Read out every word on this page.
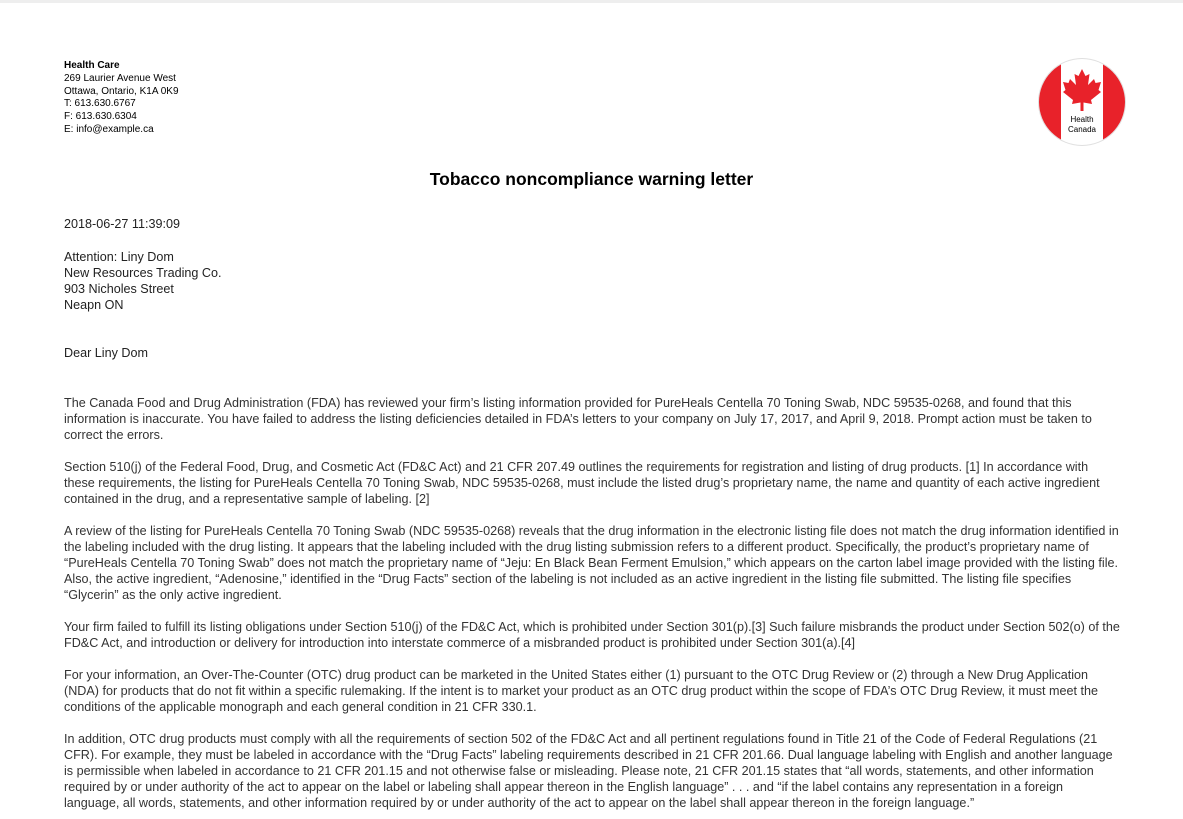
Health Care
269 Laurier Avenue West
Ottawa, Ontario, K1A 0K9
T: 613.630.6767
F: 613.630.6304
E: info@example.ca
Health
Canada
Tobacco noncompliance warning letter
2018-06-27 11:39:09
Attention: Liny Dom
New Resources Trading Co.
903 Nicholes Street
Neapn ON
Dear Liny Dom

The Canada Food and Drug Administration (FDA) has reviewed your firm’s listing information provided for PureHeals Centella 70 Toning Swab, NDC 59535-0268, and found that this information is inaccurate. You have failed to address the listing deficiencies detailed in FDA’s letters to your company on July 17, 2017, and April 9, 2018. Prompt action must be taken to correct the errors.

Section 510(j) of the Federal Food, Drug, and Cosmetic Act (FD&C Act) and 21 CFR 207.49 outlines the requirements for registration and listing of drug products. [1] In accordance with these requirements, the listing for PureHeals Centella 70 Toning Swab, NDC 59535-0268, must include the listed drug’s proprietary name, the name and quantity of each active ingredient contained in the drug, and a representative sample of labeling. [2]

A review of the listing for PureHeals Centella 70 Toning Swab (NDC 59535-0268) reveals that the drug information in the electronic listing file does not match the drug information identified in the labeling included with the drug listing. It appears that the labeling included with the drug listing submission refers to a different product. Specifically, the product’s proprietary name of “PureHeals Centella 70 Toning Swab” does not match the proprietary name of “Jeju: En Black Bean Ferment Emulsion,” which appears on the carton label image provided with the listing file. Also, the active ingredient, “Adenosine,” identified in the “Drug Facts” section of the labeling is not included as an active ingredient in the listing file submitted. The listing file specifies “Glycerin” as the only active ingredient.

Your firm failed to fulfill its listing obligations under Section 510(j) of the FD&C Act, which is prohibited under Section 301(p).[3] Such failure misbrands the product under Section 502(o) of the FD&C Act, and introduction or delivery for introduction into interstate commerce of a misbranded product is prohibited under Section 301(a).[4]

For your information, an Over-The-Counter (OTC) drug product can be marketed in the United States either (1) pursuant to the OTC Drug Review or (2) through a New Drug Application (NDA) for products that do not fit within a specific rulemaking. If the intent is to market your product as an OTC drug product within the scope of FDA’s OTC Drug Review, it must meet the conditions of the applicable monograph and each general condition in 21 CFR 330.1.

In addition, OTC drug products must comply with all the requirements of section 502 of the FD&C Act and all pertinent regulations found in Title 21 of the Code of Federal Regulations (21 CFR). For example, they must be labeled in accordance with the “Drug Facts” labeling requirements described in 21 CFR 201.66. Dual language labeling with English and another language is permissible when labeled in accordance to 21 CFR 201.15 and not otherwise false or misleading. Please note, 21 CFR 201.15 states that “all words, statements, and other information required by or under authority of the act to appear on the label or labeling shall appear thereon in the English language” . . . and “if the label contains any representation in a foreign language, all words, statements, and other information required by or under authority of the act to appear on the label shall appear thereon in the foreign language.”
